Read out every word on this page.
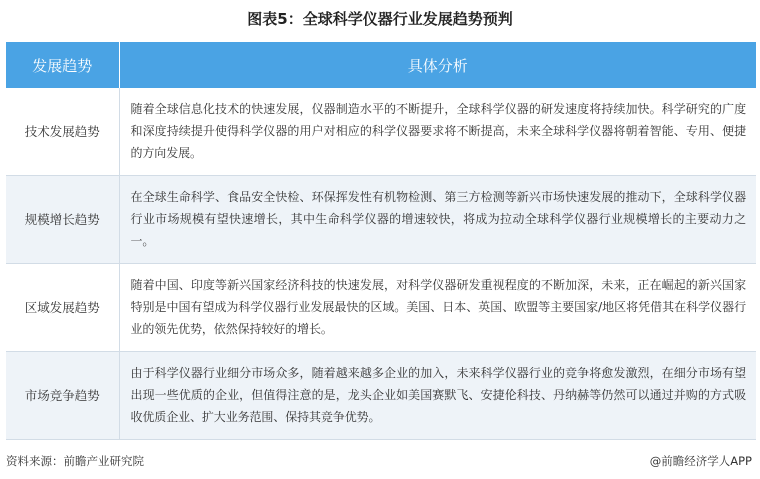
图表5：全球科学仪器行业发展趋势预判
发展趋势	具体分析
技术发展趋势	随着全球信息化技术的快速发展，仪器制造水平的不断提升，全球科学仪器的研发速度将持续加快。科学研究的广度和深度持续提升使得科学仪器的用户对相应的科学仪器要求将不断提高，未来全球科学仪器将朝着智能、专用、便捷的方向发展。
规模增长趋势	在全球生命科学、食品安全快检、环保挥发性有机物检测、第三方检测等新兴市场快速发展的推动下，全球科学仪器行业市场规模有望快速增长，其中生命科学仪器的增速较快，将成为拉动全球科学仪器行业规模增长的主要动力之一。
区域发展趋势	随着中国、印度等新兴国家经济科技的快速发展，对科学仪器研发重视程度的不断加深，未来，正在崛起的新兴国家特别是中国有望成为科学仪器行业发展最快的区域。美国、日本、英国、欧盟等主要国家/地区将凭借其在科学仪器行业的领先优势，依然保持较好的增长。
市场竞争趋势	由于科学仪器行业细分市场众多，随着越来越多企业的加入，未来科学仪器行业的竞争将愈发激烈，在细分市场有望出现一些优质的企业，但值得注意的是，龙头企业如美国赛默飞、安捷伦科技、丹纳赫等仍然可以通过并购的方式吸收优质企业、扩大业务范围、保持其竞争优势。
资料来源：前瞻产业研究院	@前瞻经济学人APP
